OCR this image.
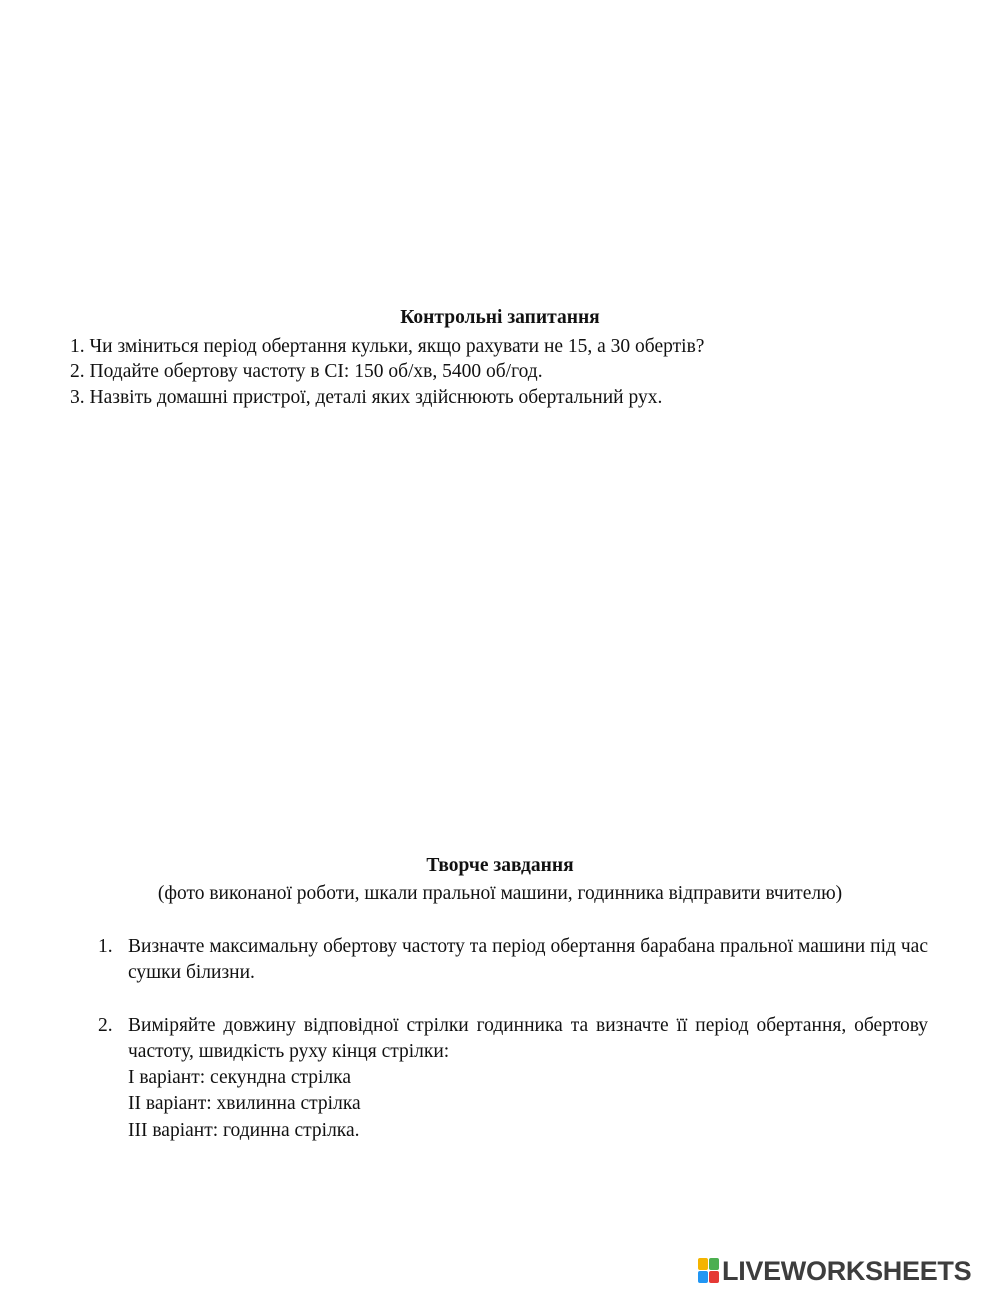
Контрольні запитання
1. Чи зміниться період обертання кульки, якщо рахувати не 15, а 30 обертів?
2. Подайте обертову частоту в СІ: 150 об/хв, 5400 об/год.
3. Назвіть домашні пристрої, деталі яких здійснюють обертальний рух.
Творче завдання
(фото виконаної роботи, шкали пральної машини, годинника відправити вчителю)
1. Визначте максимальну обертову частоту та період обертання барабана пральної машини під час сушки білизни.
2. Виміряйте довжину відповідної стрілки годинника та визначте її період обертання, обертову частоту, швидкість руху кінця стрілки:
I варіант: секундна стрілка
II варіант: хвилинна стрілка
III варіант: годинна стрілка.
LIVEWORKSHEETS
